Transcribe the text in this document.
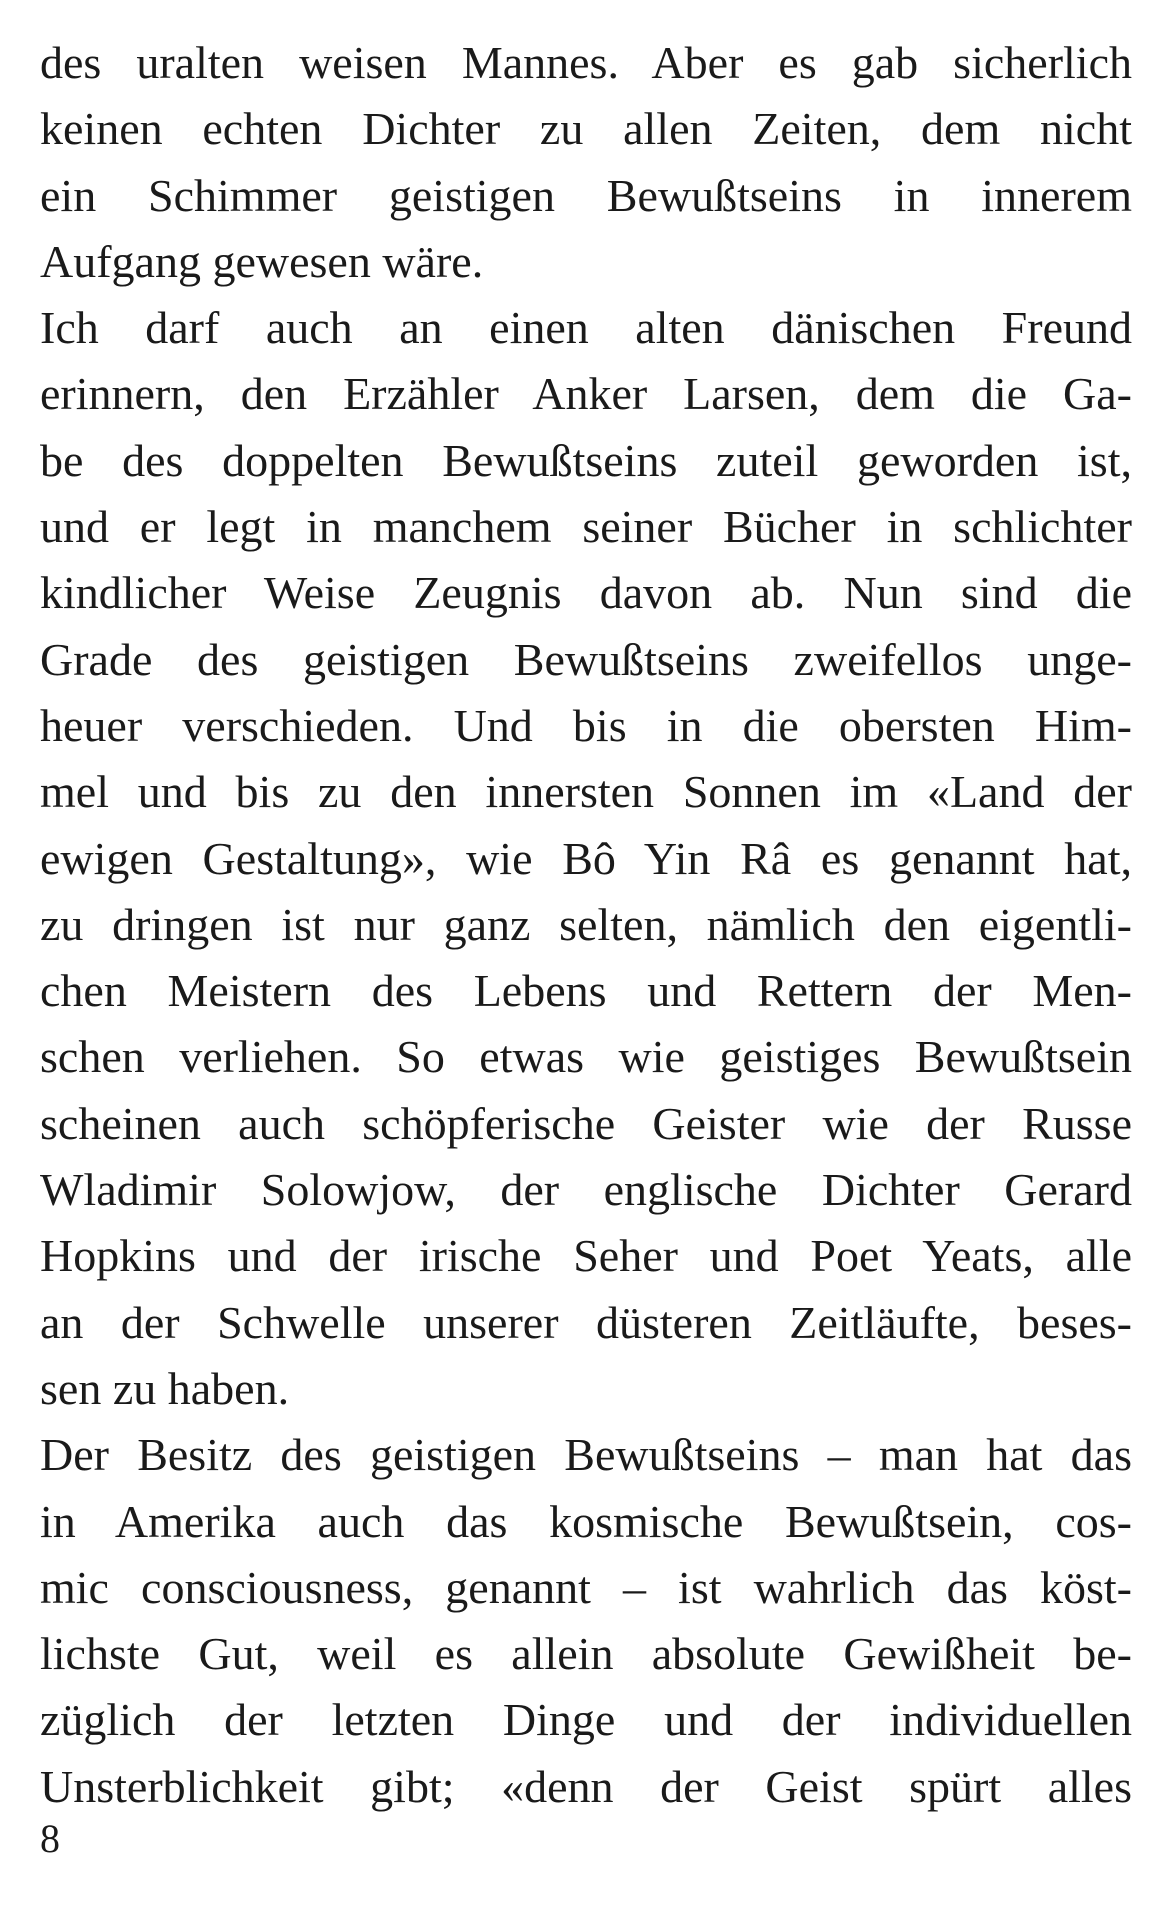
des uralten weisen Mannes. Aber es gab sicherlich
keinen echten Dichter zu allen Zeiten, dem nicht
ein Schimmer geistigen Bewußtseins in innerem
Aufgang gewesen wäre.
Ich darf auch an einen alten dänischen Freund
erinnern, den Erzähler Anker Larsen, dem die Ga-
be des doppelten Bewußtseins zuteil geworden ist,
und er legt in manchem seiner Bücher in schlichter
kindlicher Weise Zeugnis davon ab. Nun sind die
Grade des geistigen Bewußtseins zweifellos unge-
heuer verschieden. Und bis in die obersten Him-
mel und bis zu den innersten Sonnen im «Land der
ewigen Gestaltung», wie Bô Yin Râ es genannt hat,
zu dringen ist nur ganz selten, nämlich den eigentli-
chen Meistern des Lebens und Rettern der Men-
schen verliehen. So etwas wie geistiges Bewußtsein
scheinen auch schöpferische Geister wie der Russe
Wladimir Solowjow, der englische Dichter Gerard
Hopkins und der irische Seher und Poet Yeats, alle
an der Schwelle unserer düsteren Zeitläufte, beses-
sen zu haben.
Der Besitz des geistigen Bewußtseins – man hat das
in Amerika auch das kosmische Bewußtsein, cos-
mic consciousness, genannt – ist wahrlich das köst-
lichste Gut, weil es allein absolute Gewißheit be-
züglich der letzten Dinge und der individuellen
Unsterblichkeit gibt; «denn der Geist spürt alles
8
